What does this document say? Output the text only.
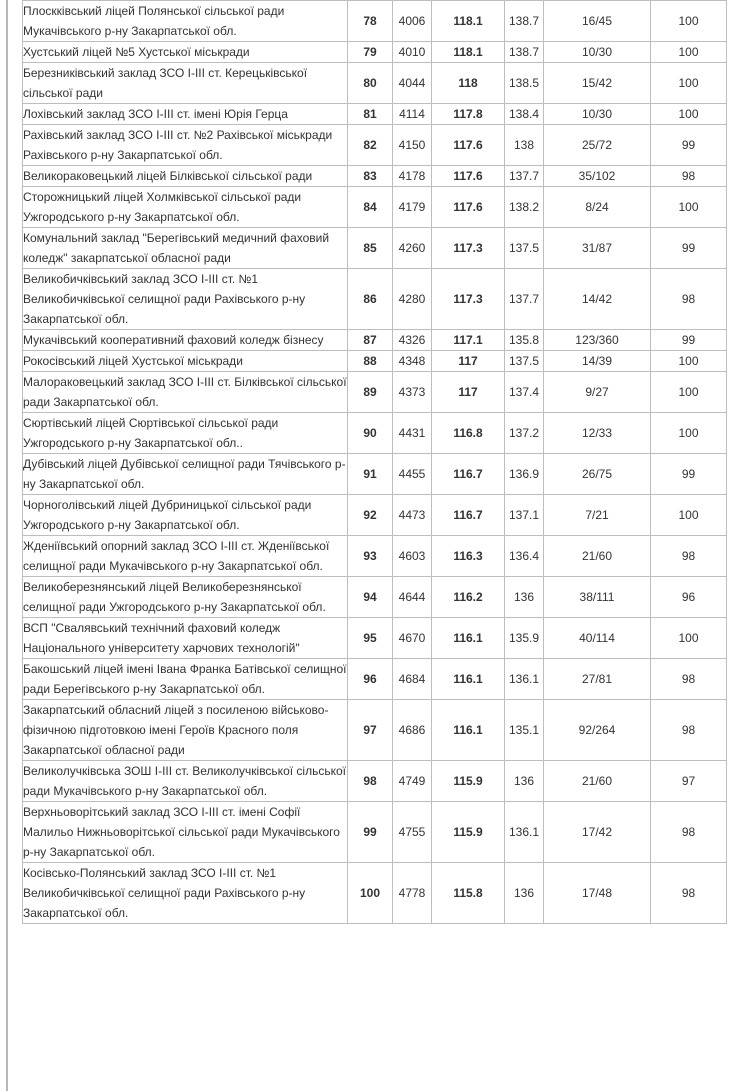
Плоскківський ліцей Полянської сільської ради Мукачівського р-ну Закарпатської обл.	78	4006	118.1	138.7	16/45	100
Хустський ліцей №5 Хустської міськради	79	4010	118.1	138.7	10/30	100
Березниківський заклад ЗСО I-III ст. Керецьківської сільської ради	80	4044	118	138.5	15/42	100
Лохівський заклад ЗСО I-III ст. імені Юрія Герца	81	4114	117.8	138.4	10/30	100
Рахівський заклад ЗСО I-III ст. №2 Рахівської міськради Рахівського р-ну Закарпатської обл.	82	4150	117.6	138	25/72	99
Великораковецький ліцей Білківської сільської ради	83	4178	117.6	137.7	35/102	98
Сторожницький ліцей Холмківської сільської ради Ужгородського р-ну Закарпатської обл.	84	4179	117.6	138.2	8/24	100
Комунальний заклад "Берегівський медичний фаховий коледж" закарпатської обласної ради	85	4260	117.3	137.5	31/87	99
Великобичківський заклад ЗСО I-III ст. №1 Великобичківської селищної ради Рахівського р-ну Закарпатської обл.	86	4280	117.3	137.7	14/42	98
Мукачівський кооперативний фаховий коледж бізнесу	87	4326	117.1	135.8	123/360	99
Рокосівський ліцей Хустської міськради	88	4348	117	137.5	14/39	100
Малораковецький заклад ЗСО I-III ст. Білківської сільської ради Закарпатської обл.	89	4373	117	137.4	9/27	100
Сюртівський ліцей Сюртівської сільської ради Ужгородського р-ну Закарпатської обл..	90	4431	116.8	137.2	12/33	100
Дубівський ліцей Дубівської селищної ради Тячівського р-ну Закарпатської обл.	91	4455	116.7	136.9	26/75	99
Чорноголівський ліцей Дубриницької сільської ради Ужгородського р-ну Закарпатської обл.	92	4473	116.7	137.1	7/21	100
Жденіївський опорний заклад ЗСО I-III ст. Жденіївської селищної ради Мукачівського р-ну Закарпатської обл.	93	4603	116.3	136.4	21/60	98
Великоберезнянський ліцей Великоберезнянської селищної ради Ужгородського р-ну Закарпатської обл.	94	4644	116.2	136	38/111	96
ВСП "Свалявський технічний фаховий коледж Національного університету харчових технологій"	95	4670	116.1	135.9	40/114	100
Бакошський ліцей імені Івана Франка Батівської селищної ради Берегівського р-ну Закарпатської обл.	96	4684	116.1	136.1	27/81	98
Закарпатський обласний ліцей з посиленою військово-фізичною підготовкою імені Героїв Красного поля Закарпатської обласної ради	97	4686	116.1	135.1	92/264	98
Великолучківська ЗОШ I-III ст. Великолучківської сільської ради Мукачівського р-ну Закарпатської обл.	98	4749	115.9	136	21/60	97
Верхньоворітський заклад ЗСО I-III ст. імені Софії Малильо Нижньоворітської сільської ради Мукачівського р-ну Закарпатської обл.	99	4755	115.9	136.1	17/42	98
Косівсько-Полянський заклад ЗСО I-III ст. №1 Великобичківської селищної ради Рахівського р-ну Закарпатської обл.	100	4778	115.8	136	17/48	98
